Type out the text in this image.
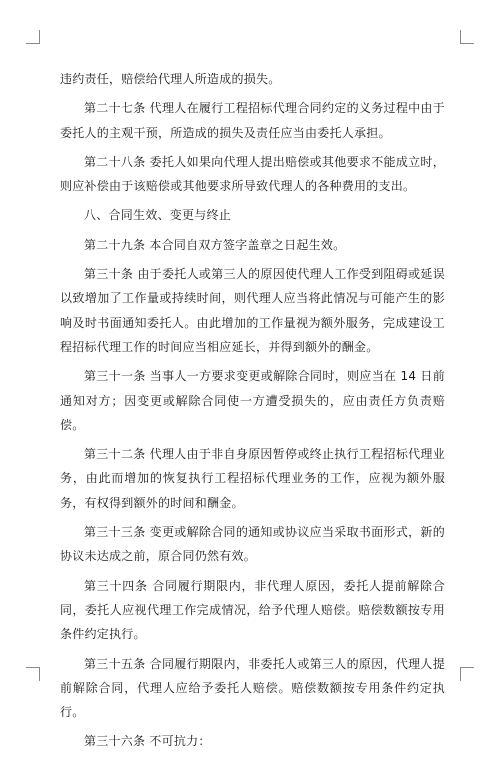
违约责任，赔偿给代理人所造成的损失。

第二十七条 代理人在履行工程招标代理合同约定的义务过程中由于委托人的主观干预，所造成的损失及责任应当由委托人承担。

第二十八条 委托人如果向代理人提出赔偿或其他要求不能成立时，则应补偿由于该赔偿或其他要求所导致代理人的各种费用的支出。

八、合同生效、变更与终止

第二十九条 本合同自双方签字盖章之日起生效。

第三十条 由于委托人或第三人的原因使代理人工作受到阻碍或延误以致增加了工作量或持续时间，则代理人应当将此情况与可能产生的影响及时书面通知委托人。由此增加的工作量视为额外服务，完成建设工程招标代理工作的时间应当相应延长，并得到额外的酬金。

第三十一条 当事人一方要求变更或解除合同时，则应当在 14 日前通知对方；因变更或解除合同使一方遭受损失的，应由责任方负责赔偿。

第三十二条 代理人由于非自身原因暂停或终止执行工程招标代理业务，由此而增加的恢复执行工程招标代理业务的工作，应视为额外服务，有权得到额外的时间和酬金。

第三十三条 变更或解除合同的通知或协议应当采取书面形式，新的协议未达成之前，原合同仍然有效。

第三十四条 合同履行期限内，非代理人原因，委托人提前解除合同，委托人应视代理工作完成情况，给予代理人赔偿。赔偿数额按专用条件约定执行。

第三十五条 合同履行期限内，非委托人或第三人的原因，代理人提前解除合同，代理人应给予委托人赔偿。赔偿数额按专用条件约定执行。

第三十六条 不可抗力：
